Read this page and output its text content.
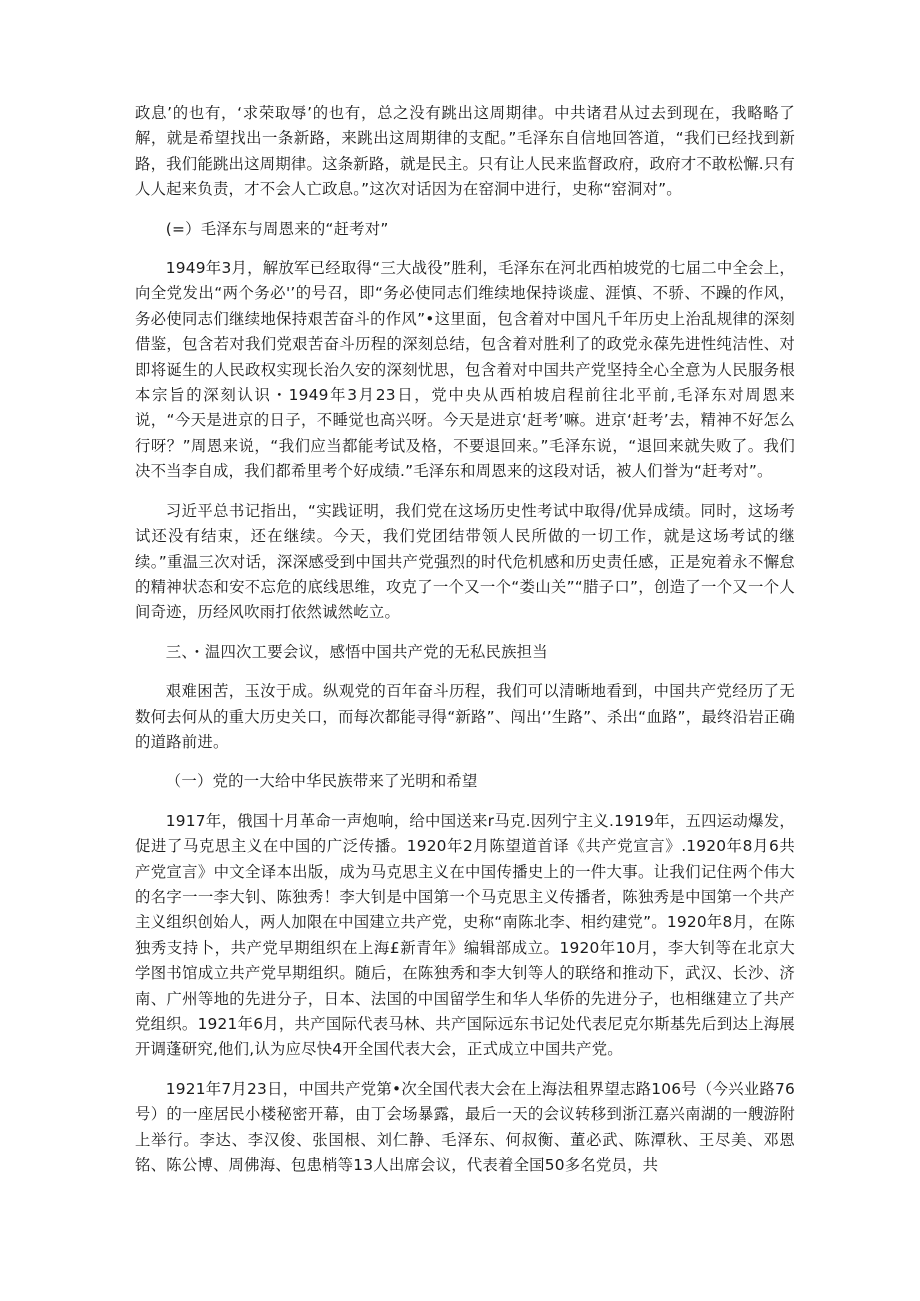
政息’的也有，‘求荣取辱’的也有，总之没有跳出这周期律。中共诸君从过去到现在，我略略了解，就是希望找出一条新路，来跳出这周期律的支配。”毛泽东自信地回答道，“我们已经找到新路，我们能跳出这周期律。这条新路，就是民主。只有让人民来监督政府，政府才不敢松懈.只有人人起来负责，才不会人亡政息。”这次对话因为在窑洞中进行，史称“窑洞对”。

(=）毛泽东与周恩来的“赶考对”

1949年3月，解放军已经取得“三大战役”胜利，毛泽东在河北西柏坡党的七届二中全会上，向全党发出“两个务必'’的号召，即“务必使同志们维续地保持谈虚、涯慎、不骄、不躁的作风，务必使同志们继续地保持艰苦奋斗的作风”•这里面，包含着对中国凡千年历史上治乱规律的深刻借鉴，包含若对我们党艰苦奋斗历程的深刻总结，包含着对胜利了的政党永葆先进性纯洁性、对即将诞生的人民政权实现长治久安的深刻忧思，包含着对中国共产党坚持全心全意为人民服务根本宗旨的深刻认识・1949年3月23日，党中央从西柏坡启程前往北平前,毛泽东对周恩来说，“今天是进京的日子，不睡觉也高兴呀。今天是进京‘赶考’嘛。进京‘赶考’去，精神不好怎么行呀？”周恩来说，“我们应当都能考试及格，不要退回来。”毛泽东说，“退回来就失败了。我们决不当李自成，我们都希里考个好成绩.”毛泽东和周恩来的这段对话，被人们誉为“赶考对”。

习近平总书记指出，“实践证明，我们党在这场历史性考试中取得/优异成绩。同时，这场考试还没有结束，还在继续。今天，我们党团结带领人民所做的一切工作，就是这场考试的继续。”重温三次对话，深深感受到中国共产党强烈的时代危机感和历史责任感，正是宛着永不懈怠的精神状态和安不忘危的底线思维，攻克了一个又一个“娄山关”“腊子口”，创造了一个又一个人间奇迹，历经风吹雨打依然诚然屹立。

三、・温四次工要会议，感悟中国共产党的无私民族担当

艰难困苦，玉汝于成。纵观党的百年奋斗历程，我们可以清晰地看到，中国共产党经历了无数何去何从的重大历史关口，而每次都能寻得“新路”、闯出‘’生路”、杀出“血路”，最终沿岩正确的道路前进。

（一）党的一大给中华民族带来了光明和希望

1917年，俄国十月革命一声炮响，给中国送来r马克.因列宁主义.1919年，五四运动爆发，促进了马克思主义在中国的广泛传播。1920年2月陈望道首译《共产党宣言》.1920年8月6共产党宣言》中文全译本出版，成为马克思主义在中国传播史上的一件大事。让我们记住两个伟大的名字一一李大钊、陈独秀！李大钊是中国第一个马克思主义传播者，陈独秀是中国第一个共产主义组织创始人，两人加限在中国建立共产党，史称“南陈北李、相约建党”。1920年8月，在陈独秀支持卜，共产党早期组织在上海£新青年》编辑部成立。1920年10月，李大钊等在北京大学图书馆成立共产党早期组织。随后，在陈独秀和李大钊等人的联络和推动下，武汉、长沙、济南、广州等地的先进分子，日本、法国的中国留学生和华人华侨的先进分子，也相继建立了共产党组织。1921年6月，共产国际代表马林、共产国际远东书记处代表尼克尔斯基先后到达上海展开调蓬研究,他们,认为应尽快4开全国代表大会，正式成立中国共产党。

1921年7月23日，中国共产党第•次全国代表大会在上海法租界望志路106号（今兴业路76号）的一座居民小楼秘密开幕，由丁会场暴露，最后一天的会议转移到浙江嘉兴南湖的一艘游附上举行。李达、李汉俊、张国根、刘仁静、毛泽东、何叔衡、董必武、陈潭秋、王尽美、邓恩铭、陈公博、周佛海、包患梢等13人出席会议，代表着全国50多名党员，共
